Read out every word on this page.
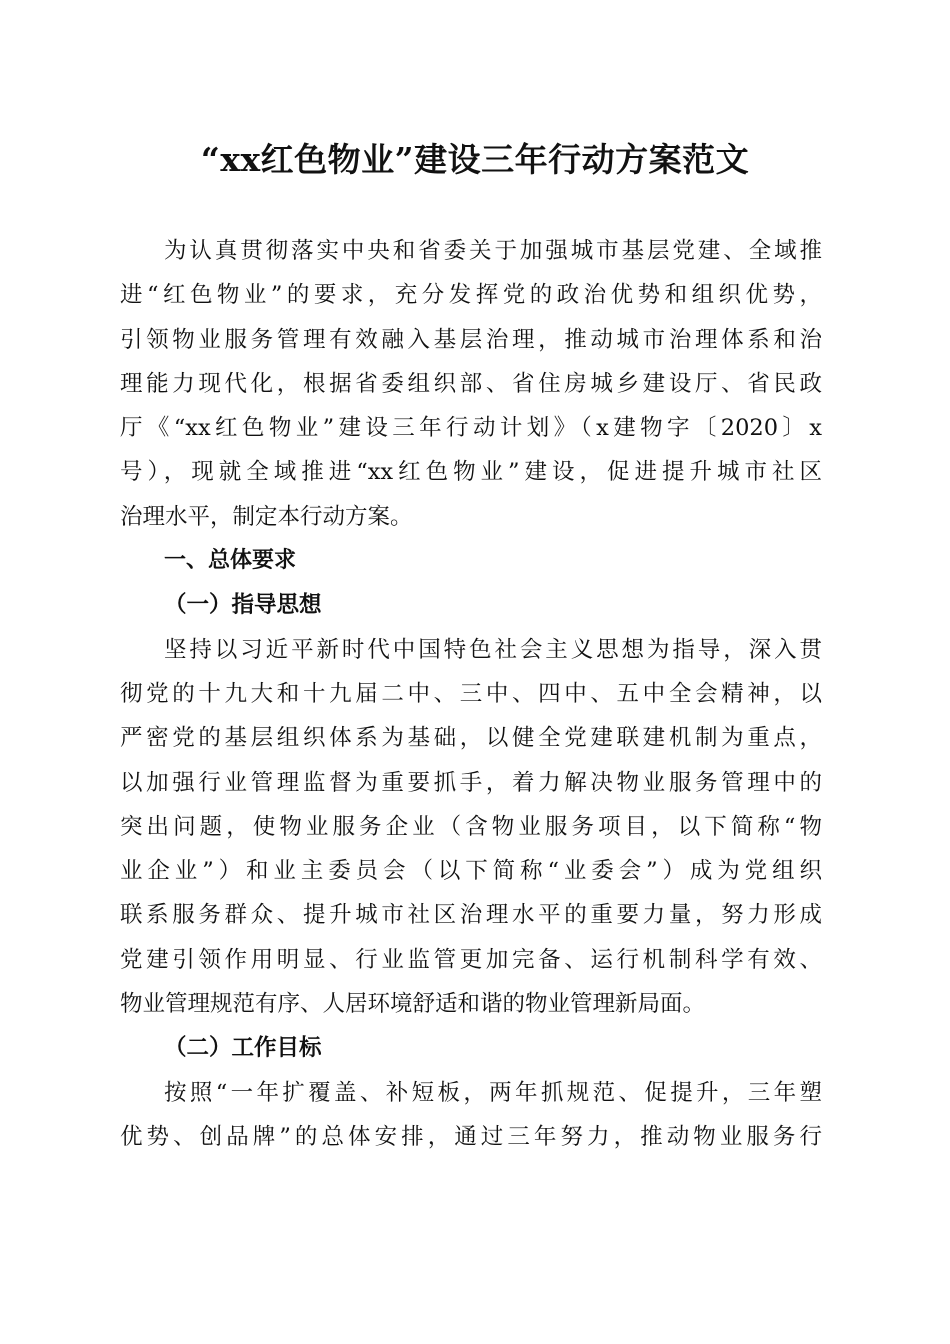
“xx红色物业”建设三年行动方案范文
为认真贯彻落实中央和省委关于加强城市基层党建、全域推
进“红色物业”的要求，充分发挥党的政治优势和组织优势，
引领物业服务管理有效融入基层治理，推动城市治理体系和治
理能力现代化，根据省委组织部、省住房城乡建设厅、省民政
厅《“xx红色物业”建设三年行动计划》（x建物字〔2020〕x
号），现就全域推进“xx红色物业”建设，促进提升城市社区
治理水平，制定本行动方案。
一、总体要求
（一）指导思想
坚持以习近平新时代中国特色社会主义思想为指导，深入贯
彻党的十九大和十九届二中、三中、四中、五中全会精神，以
严密党的基层组织体系为基础，以健全党建联建机制为重点，
以加强行业管理监督为重要抓手，着力解决物业服务管理中的
突出问题，使物业服务企业（含物业服务项目，以下简称“物
业企业”）和业主委员会（以下简称“业委会”）成为党组织
联系服务群众、提升城市社区治理水平的重要力量，努力形成
党建引领作用明显、行业监管更加完备、运行机制科学有效、
物业管理规范有序、人居环境舒适和谐的物业管理新局面。
（二）工作目标
按照“一年扩覆盖、补短板，两年抓规范、促提升，三年塑
优势、创品牌”的总体安排，通过三年努力，推动物业服务行
